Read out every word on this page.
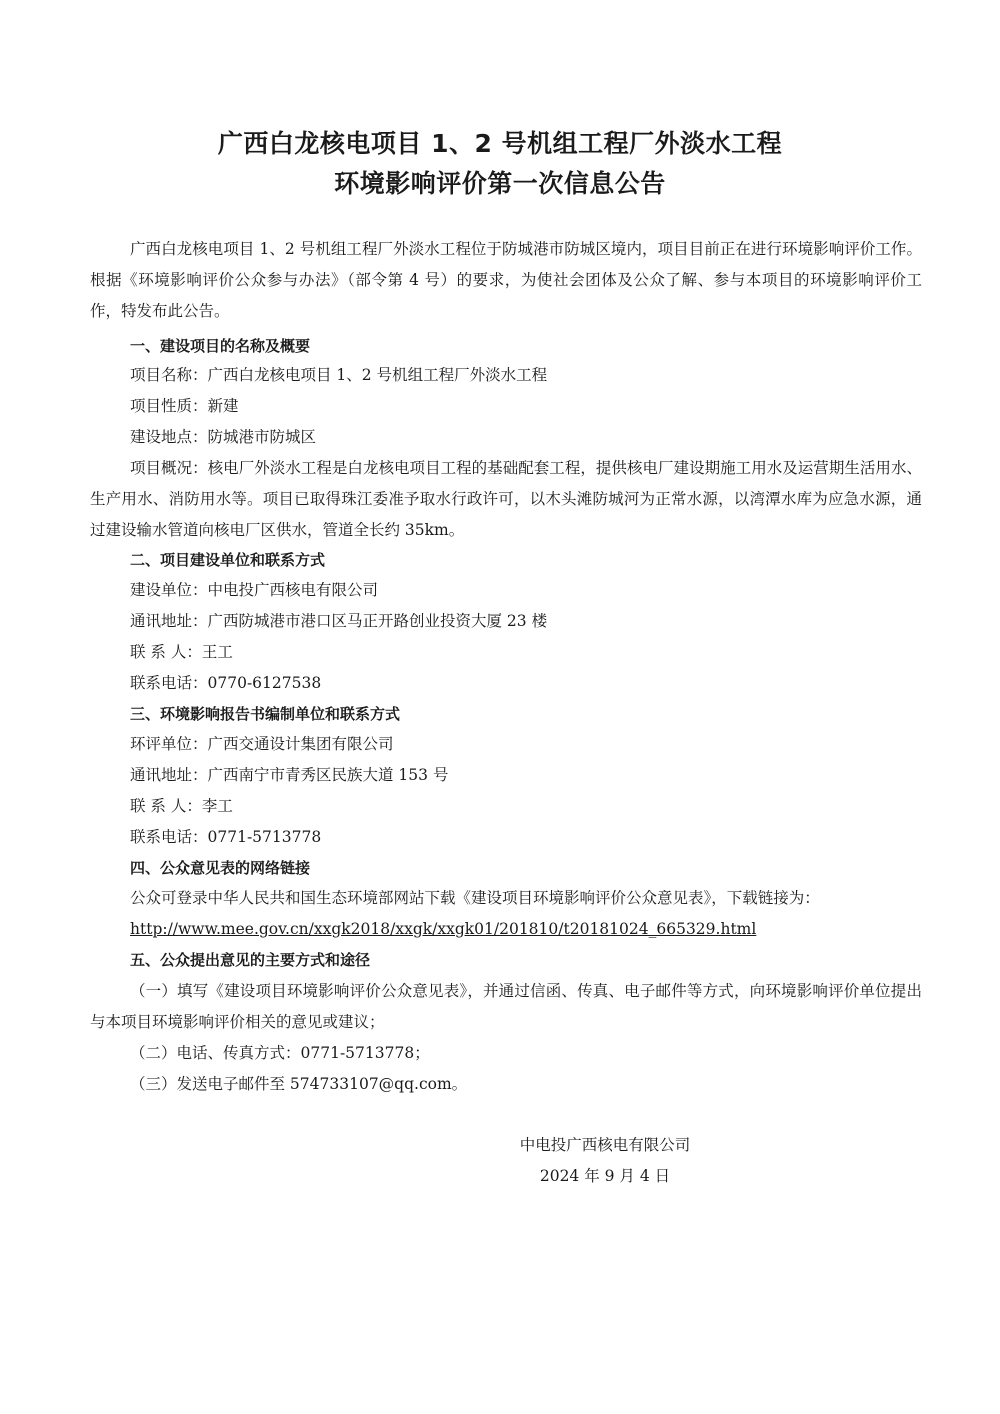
广西白龙核电项目 1、2 号机组工程厂外淡水工程
环境影响评价第一次信息公告

广西白龙核电项目 1、2 号机组工程厂外淡水工程位于防城港市防城区境内，项目目前正在进行环境影响评价工作。根据《环境影响评价公众参与办法》（部令第 4 号）的要求，为使社会团体及公众了解、参与本项目的环境影响评价工作，特发布此公告。

一、建设项目的名称及概要

项目名称：广西白龙核电项目 1、2 号机组工程厂外淡水工程

项目性质：新建

建设地点：防城港市防城区

项目概况：核电厂外淡水工程是白龙核电项目工程的基础配套工程，提供核电厂建设期施工用水及运营期生活用水、生产用水、消防用水等。项目已取得珠江委准予取水行政许可，以木头滩防城河为正常水源，以湾潭水库为应急水源，通过建设输水管道向核电厂区供水，管道全长约 35km。

二、项目建设单位和联系方式

建设单位：中电投广西核电有限公司

通讯地址：广西防城港市港口区马正开路创业投资大厦 23 楼

联 系 人：王工

联系电话：0770-6127538

三、环境影响报告书编制单位和联系方式

环评单位：广西交通设计集团有限公司

通讯地址：广西南宁市青秀区民族大道 153 号

联 系 人：李工

联系电话：0771-5713778

四、公众意见表的网络链接

公众可登录中华人民共和国生态环境部网站下载《建设项目环境影响评价公众意见表》，下载链接为：

http://www.mee.gov.cn/xxgk2018/xxgk/xxgk01/201810/t20181024_665329.html

五、公众提出意见的主要方式和途径

（一）填写《建设项目环境影响评价公众意见表》，并通过信函、传真、电子邮件等方式，向环境影响评价单位提出与本项目环境影响评价相关的意见或建议；

（二）电话、传真方式：0771-5713778；

（三）发送电子邮件至 574733107@qq.com。

中电投广西核电有限公司

2024 年 9 月 4 日
